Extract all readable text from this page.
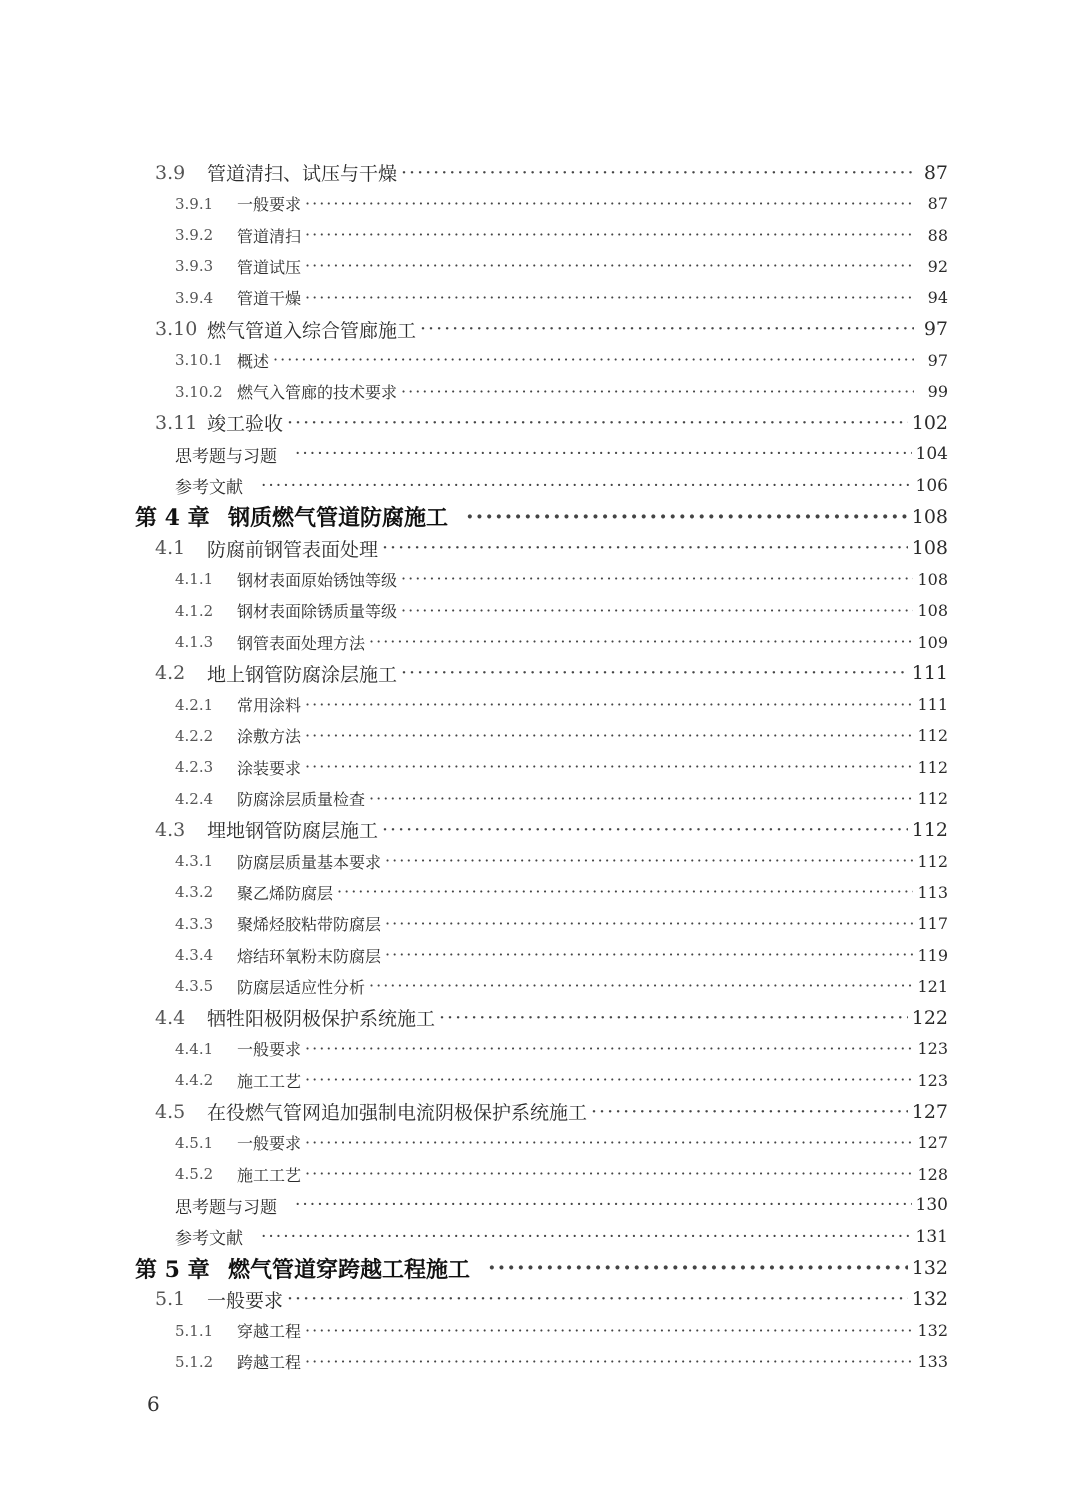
3.9	管道清扫、试压与干燥 ·····	87
3.9.1	一般要求 ·····	87
3.9.2	管道清扫 ·····	88
3.9.3	管道试压 ·····	92
3.9.4	管道干燥 ·····	94
3.10 燃气管道入综合管廊施工 ·····	97
3.10.1 概述 ·····	97
3.10.2 燃气入管廊的技术要求 ·····	99
3.11 竣工验收 ·····	102
思考题与习题 ·····	104
参考文献 ·····	106
第 4 章 钢质燃气管道防腐施工 ·····	108
4.1	防腐前钢管表面处理 ·····	108
4.1.1	钢材表面原始锈蚀等级 ·····	108
4.1.2	钢材表面除锈质量等级 ·····	108
4.1.3	钢管表面处理方法 ·····	109
4.2	地上钢管防腐涂层施工 ·····	111
4.2.1	常用涂料 ·····	111
4.2.2	涂敷方法 ·····	112
4.2.3	涂装要求 ·····	112
4.2.4	防腐涂层质量检查 ·····	112
4.3	埋地钢管防腐层施工 ·····	112
4.3.1	防腐层质量基本要求 ·····	112
4.3.2	聚乙烯防腐层 ·····	113
4.3.3	聚烯烃胶粘带防腐层 ·····	117
4.3.4	熔结环氧粉末防腐层 ·····	119
4.3.5	防腐层适应性分析 ·····	121
4.4	牺牲阳极阴极保护系统施工 ·····	122
4.4.1	一般要求 ·····	123
4.4.2	施工工艺 ·····	123
4.5	在役燃气管网追加强制电流阴极保护系统施工 ·····	127
4.5.1	一般要求 ·····	127
4.5.2	施工工艺 ·····	128
思考题与习题 ·····	130
参考文献 ·····	131
第 5 章 燃气管道穿跨越工程施工 ·····	132
5.1	一般要求 ·····	132
5.1.1	穿越工程 ·····	132
5.1.2	跨越工程 ·····	133
6
